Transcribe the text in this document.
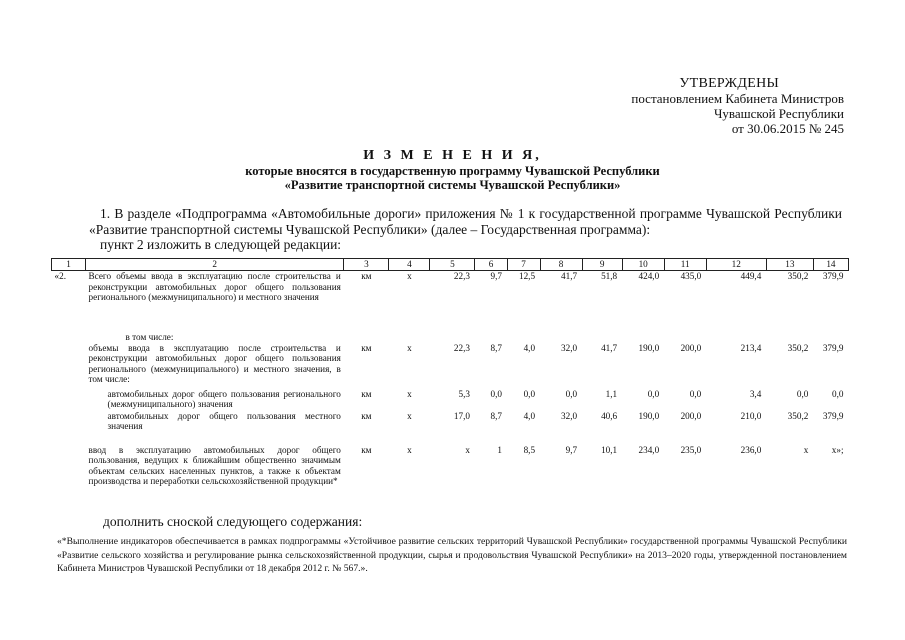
УТВЕРЖДЕНЫ
постановлением Кабинета Министров
Чувашской Республики
от 30.06.2015 № 245
И З М Е Н Е Н И Я,
которые вносятся в государственную программу Чувашской Республики
«Развитие транспортной системы Чувашской Республики»

1. В разделе «Подпрограмма «Автомобильные дороги» приложения № 1 к государственной программе Чувашской Республики «Развитие транспортной системы Чувашской Республики» (далее – Государственная программа):

пункт 2 изложить в следующей редакции:

1	2	3	4	5	6	7	8	9	10	11	12	13	14
«2.	Всего объемы ввода в эксплуатацию после строительства и реконструкции автомобильных дорог общего пользования регионального (межмуниципального) и местного значения	км	х	22,3	9,7	12,5	41,7	51,8	424,0	435,0	449,4	350,2	379,9
	в том числе:												
	объемы ввода в эксплуатацию после строительства и реконструкции автомобильных дорог общего пользования регионального (межмуниципального) и местного значения, в том числе:	км	х	22,3	8,7	4,0	32,0	41,7	190,0	200,0	213,4	350,2	379,9
	автомобильных дорог общего пользования регионального (межмуниципального) значения	км	х	5,3	0,0	0,0	0,0	1,1	0,0	0,0	3,4	0,0	0,0
	автомобильных дорог общего пользования местного значения	км	х	17,0	8,7	4,0	32,0	40,6	190,0	200,0	210,0	350,2	379,9
	ввод в эксплуатацию автомобильных дорог общего пользования, ведущих к ближайшим общественно значимым объектам сельских населенных пунктов, а также к объектам производства и переработки сельскохозяйственной продукции*	км	х	х	1	8,5	9,7	10,1	234,0	235,0	236,0	х	х»;
дополнить сноской следующего содержания:
«*Выполнение индикаторов обеспечивается в рамках подпрограммы «Устойчивое развитие сельских территорий Чувашской Республики» государственной программы Чувашской Республики «Развитие сельского хозяйства и регулирование рынка сельскохозяйственной продукции, сырья и продовольствия Чувашской Республики» на 2013–2020 годы, утвержденной постановлением Кабинета Министров Чувашской Республики от 18 декабря 2012 г. № 567.».
